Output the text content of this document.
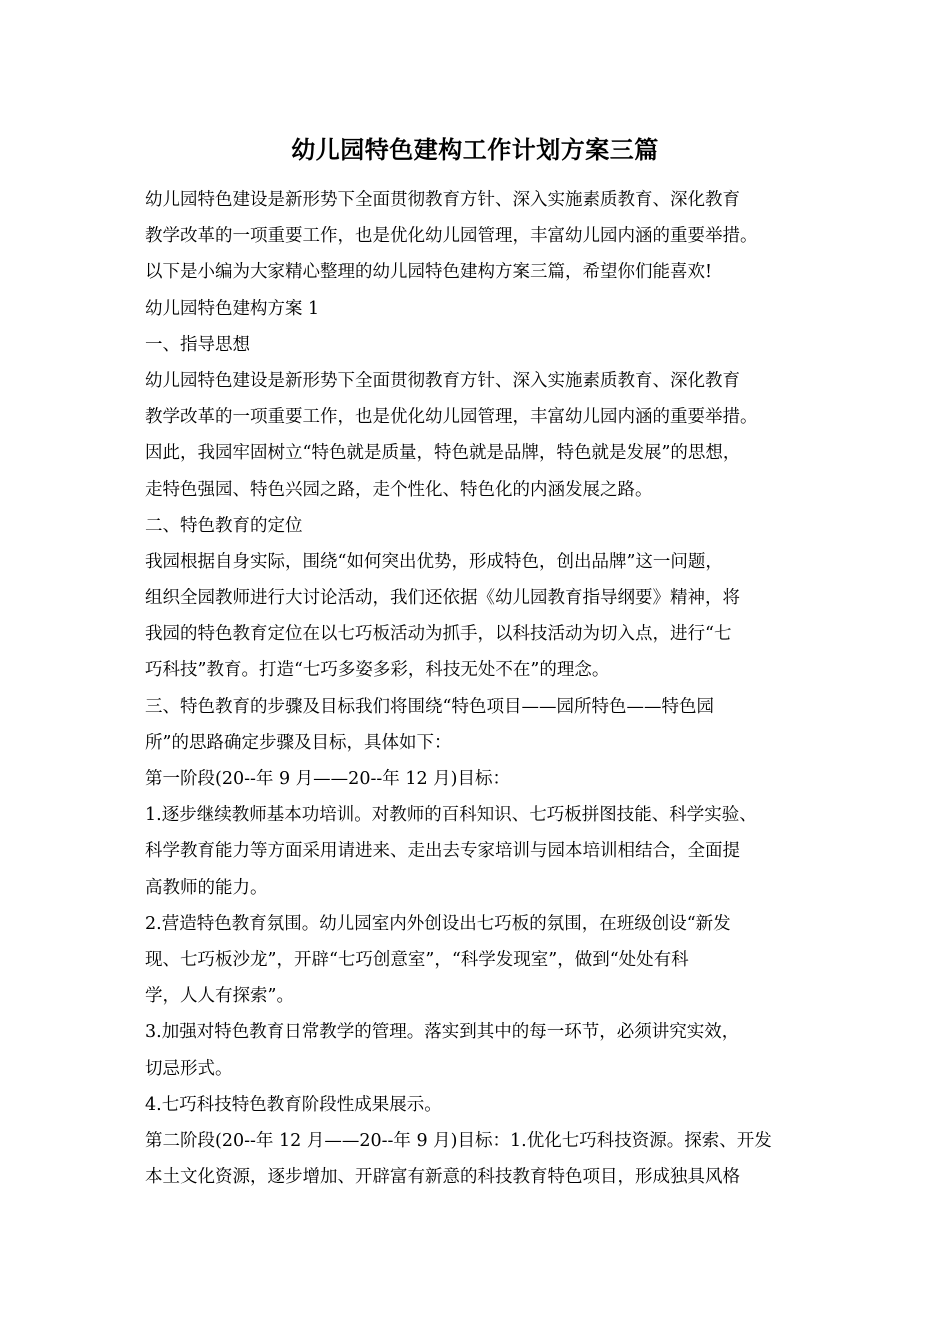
幼儿园特色建构工作计划方案三篇
幼儿园特色建设是新形势下全面贯彻教育方针、深入实施素质教育、深化教育
教学改革的一项重要工作，也是优化幼儿园管理，丰富幼儿园内涵的重要举措。
以下是小编为大家精心整理的幼儿园特色建构方案三篇，希望你们能喜欢!
幼儿园特色建构方案 1
一、指导思想
幼儿园特色建设是新形势下全面贯彻教育方针、深入实施素质教育、深化教育
教学改革的一项重要工作，也是优化幼儿园管理，丰富幼儿园内涵的重要举措。
因此，我园牢固树立“特色就是质量，特色就是品牌，特色就是发展”的思想，
走特色强园、特色兴园之路，走个性化、特色化的内涵发展之路。
二、特色教育的定位
我园根据自身实际，围绕“如何突出优势，形成特色，创出品牌”这一问题，
组织全园教师进行大讨论活动，我们还依据《幼儿园教育指导纲要》精神，将
我园的特色教育定位在以七巧板活动为抓手，以科技活动为切入点，进行“七
巧科技”教育。打造“七巧多姿多彩，科技无处不在”的理念。
三、特色教育的步骤及目标我们将围绕“特色项目——园所特色——特色园
所”的思路确定步骤及目标，具体如下：
第一阶段(20--年 9 月——20--年 12 月)目标：
1.逐步继续教师基本功培训。对教师的百科知识、七巧板拼图技能、科学实验、
科学教育能力等方面采用请进来、走出去专家培训与园本培训相结合，全面提
高教师的能力。
2.营造特色教育氛围。幼儿园室内外创设出七巧板的氛围，在班级创设“新发
现、七巧板沙龙”，开辟“七巧创意室”，“科学发现室”，做到“处处有科
学，人人有探索”。
3.加强对特色教育日常教学的管理。落实到其中的每一环节，必须讲究实效，
切忌形式。
4.七巧科技特色教育阶段性成果展示。
第二阶段(20--年 12 月——20--年 9 月)目标：1.优化七巧科技资源。探索、开发
本土文化资源，逐步增加、开辟富有新意的科技教育特色项目，形成独具风格
